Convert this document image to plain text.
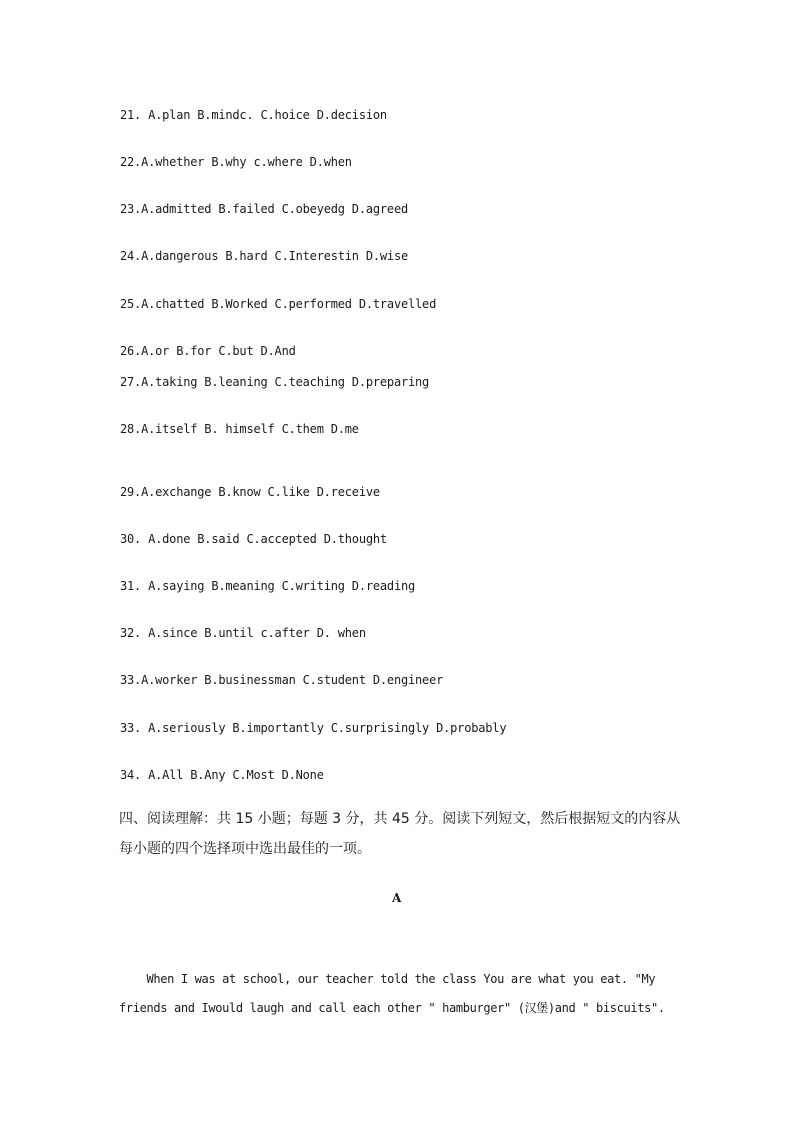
21. A.plan B.mindc. C.hoice D.decision
22.A.whether B.why c.where D.when
23.A.admitted B.failed C.obeyedg D.agreed
24.A.dangerous B.hard C.Interestin D.wise
25.A.chatted B.Worked C.performed D.travelled
26.A.or B.for C.but D.And
27.A.taking B.leaning C.teaching D.preparing
28.A.itself B. himself C.them D.me
29.A.exchange B.know C.like D.receive
30. A.done B.said C.accepted D.thought
31. A.saying B.meaning C.writing D.reading
32. A.since B.until c.after D. when
33.A.worker B.businessman C.student D.engineer
33. A.seriously B.importantly C.surprisingly D.probably
34. A.All B.Any C.Most D.None
四、阅读理解：共 15 小题；每题 3 分，共 45 分。阅读下列短文，然后根据短文的内容从
每小题的四个选择项中选出最佳的一项。
A
When I was at school, our teacher told the class You are what you eat. "My
friends and Iwould laugh and call each other " hamburger" (汉堡)and " biscuits".
